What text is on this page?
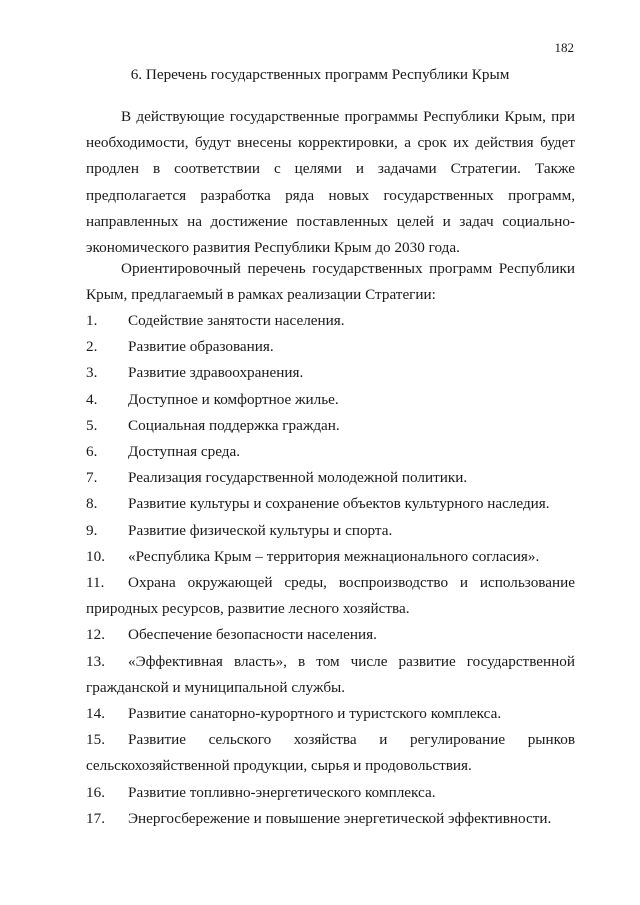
182
6. Перечень государственных программ Республики Крым
В действующие государственные программы Республики Крым, при необходимости, будут внесены корректировки, а срок их действия будет продлен в соответствии с целями и задачами Стратегии. Также предполагается разработка ряда новых государственных программ, направленных на достижение поставленных целей и задач социально-экономического развития Республики Крым до 2030 года.
Ориентировочный перечень государственных программ Республики Крым, предлагаемый в рамках реализации Стратегии:
1. Содействие занятости населения.
2. Развитие образования.
3. Развитие здравоохранения.
4. Доступное и комфортное жилье.
5. Социальная поддержка граждан.
6. Доступная среда.
7. Реализация государственной молодежной политики.
8. Развитие культуры и сохранение объектов культурного наследия.
9. Развитие физической культуры и спорта.
10. «Республика Крым – территория межнационального согласия».
11. Охрана окружающей среды, воспроизводство и использование природных ресурсов, развитие лесного хозяйства.
12. Обеспечение безопасности населения.
13. «Эффективная власть», в том числе развитие государственной гражданской и муниципальной службы.
14. Развитие санаторно-курортного и туристского комплекса.
15. Развитие сельского хозяйства и регулирование рынков сельскохозяйственной продукции, сырья и продовольствия.
16. Развитие топливно-энергетического комплекса.
17. Энергосбережение и повышение энергетической эффективности.
